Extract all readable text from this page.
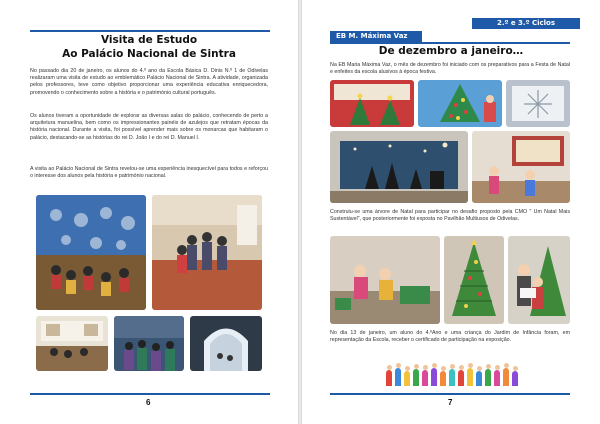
Visita de Estudo
Ao Palácio Nacional de Sintra

No passado dia 20 de janeiro, os alunos do 4.º ano da Escola Básica D. Dinis N.º 1 de Odivelas realizaram uma visita de estudo ao emblemático Palácio Nacional de Sintra. A atividade, organizada pelos professores, teve como objetivo proporcionar uma experiência educativa enriquecedora, promovendo o conhecimento sobre a história e o património cultural português.

Os alunos tiveram a oportunidade de explorar as diversas salas do palácio, conhecendo de perto a arquitetura manuelina, bem como os impressionantes painéis de azulejos que retratam épocas da história nacional. Durante a visita, foi possível aprender mais sobre os monarcas que habitaram o palácio, destacando-se as histórias do rei D. João I e do rei D. Manuel I.

A visita ao Palácio Nacional de Sintra revelou-se uma experiência inesquecível para todos e reforçou o interesse dos alunos pela história e património nacional.

6
2.º e 3.º Ciclos
EB M. Máxima Vaz
De dezembro a janeiro…

Na EB Maria Máxima Vaz, o mês de dezembro foi iniciado com os preparativos para a Festa de Natal e enfeites da escola alusivos à época festiva.

Construiu-se uma árvore de Natal para participar no desafio proposto pela CMO " Um Natal Mais Sustentável", que posteriormente foi exposta no Pavilhão Multiusos de Odivelas.

No dia 13 de janeiro, um aluno do 4.ºAno e uma criança do Jardim de Infância foram, em representação da Escola, receber o certificado de participação na exposição.

7
